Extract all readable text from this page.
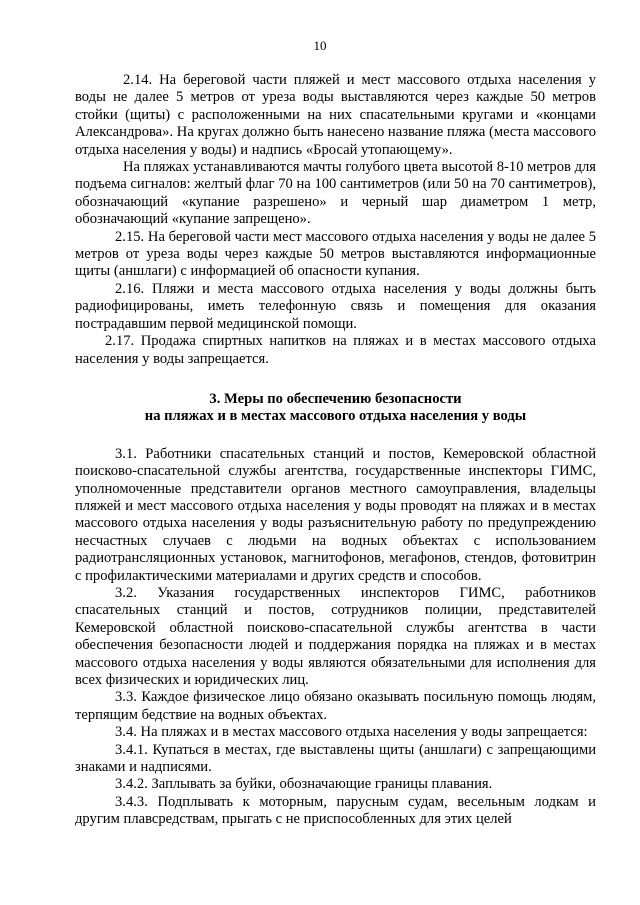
10

2.14. На береговой части пляжей и мест массового отдыха населения у воды не далее 5 метров от уреза воды выставляются через каждые 50 метров стойки (щиты) с расположенными на них спасательными кругами и «концами Александрова». На кругах должно быть нанесено название пляжа (места массового отдыха населения у воды) и надпись «Бросай утопающему».

На пляжах устанавливаются мачты голубого цвета высотой 8-10 метров для подъема сигналов: желтый флаг 70 на 100 сантиметров (или 50 на 70 сантиметров), обозначающий «купание разрешено» и черный шар диаметром 1 метр, обозначающий «купание запрещено».

2.15. На береговой части мест массового отдыха населения у воды не далее 5 метров от уреза воды через каждые 50 метров выставляются информационные щиты (аншлаги) с информацией об опасности купания.

2.16. Пляжи и места массового отдыха населения у воды должны быть радиофицированы, иметь телефонную связь и помещения для оказания пострадавшим первой медицинской помощи.

2.17. Продажа спиртных напитков на пляжах и в местах массового отдыха населения у воды запрещается.

3. Меры по обеспечению безопасности
на пляжах и в местах массового отдыха населения у воды

3.1. Работники спасательных станций и постов, Кемеровской областной поисково-спасательной службы агентства, государственные инспекторы ГИМС, уполномоченные представители органов местного самоуправления, владельцы пляжей и мест массового отдыха населения у воды проводят на пляжах и в местах массового отдыха населения у воды разъяснительную работу по предупреждению несчастных случаев с людьми на водных объектах с использованием радиотрансляционных установок, магнитофонов, мегафонов, стендов, фотовитрин с профилактическими материалами и других средств и способов.

3.2. Указания государственных инспекторов ГИМС, работников спасательных станций и постов, сотрудников полиции, представителей Кемеровской областной поисково-спасательной службы агентства в части обеспечения безопасности людей и поддержания порядка на пляжах и в местах массового отдыха населения у воды являются обязательными для исполнения для всех физических и юридических лиц.

3.3. Каждое физическое лицо обязано оказывать посильную помощь людям, терпящим бедствие на водных объектах.

3.4. На пляжах и в местах массового отдыха населения у воды запрещается:

3.4.1. Купаться в местах, где выставлены щиты (аншлаги) с запрещающими знаками и надписями.

3.4.2. Заплывать за буйки, обозначающие границы плавания.

3.4.3. Подплывать к моторным, парусным судам, весельным лодкам и другим плавсредствам, прыгать с не приспособленных для этих целей
